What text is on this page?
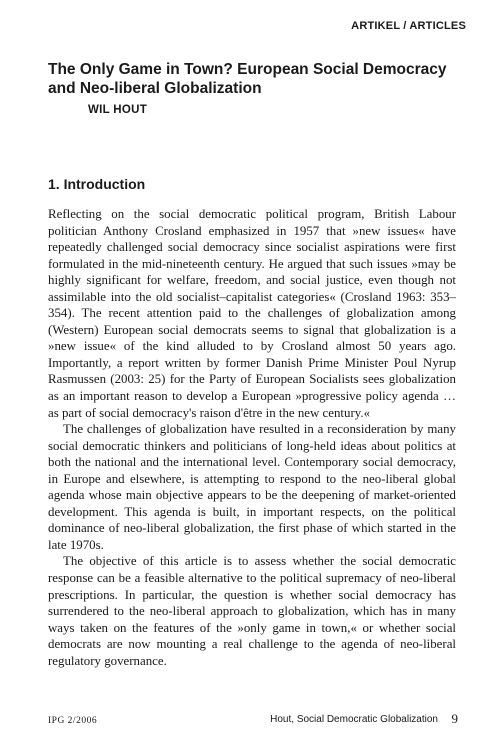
ARTIKEL / ARTICLES
The Only Game in Town? European Social Democracy and Neo-liberal Globalization
WIL HOUT
1. Introduction

Reflecting on the social democratic political program, British Labour politician Anthony Crosland emphasized in 1957 that »new issues« have repeatedly challenged social democracy since socialist aspirations were first formulated in the mid-nineteenth century. He argued that such issues »may be highly significant for welfare, freedom, and social justice, even though not assimilable into the old socialist–capitalist categories« (Crosland 1963: 353–354). The recent attention paid to the challenges of globalization among (Western) European social democrats seems to signal that globalization is a »new issue« of the kind alluded to by Crosland almost 50 years ago. Importantly, a report written by former Danish Prime Minister Poul Nyrup Rasmussen (2003: 25) for the Party of European Socialists sees globalization as an important reason to develop a European »progressive policy agenda … as part of social democracy's raison d'être in the new century.«

The challenges of globalization have resulted in a reconsideration by many social democratic thinkers and politicians of long-held ideas about politics at both the national and the international level. Contemporary social democracy, in Europe and elsewhere, is attempting to respond to the neo-liberal global agenda whose main objective appears to be the deepening of market-oriented development. This agenda is built, in important respects, on the political dominance of neo-liberal globalization, the first phase of which started in the late 1970s.

The objective of this article is to assess whether the social democratic response can be a feasible alternative to the political supremacy of neo-liberal prescriptions. In particular, the question is whether social democracy has surrendered to the neo-liberal approach to globalization, which has in many ways taken on the features of the »only game in town,« or whether social democrats are now mounting a real challenge to the agenda of neo-liberal regulatory governance.

IPG 2/2006	Hout, Social Democratic Globalization 9
